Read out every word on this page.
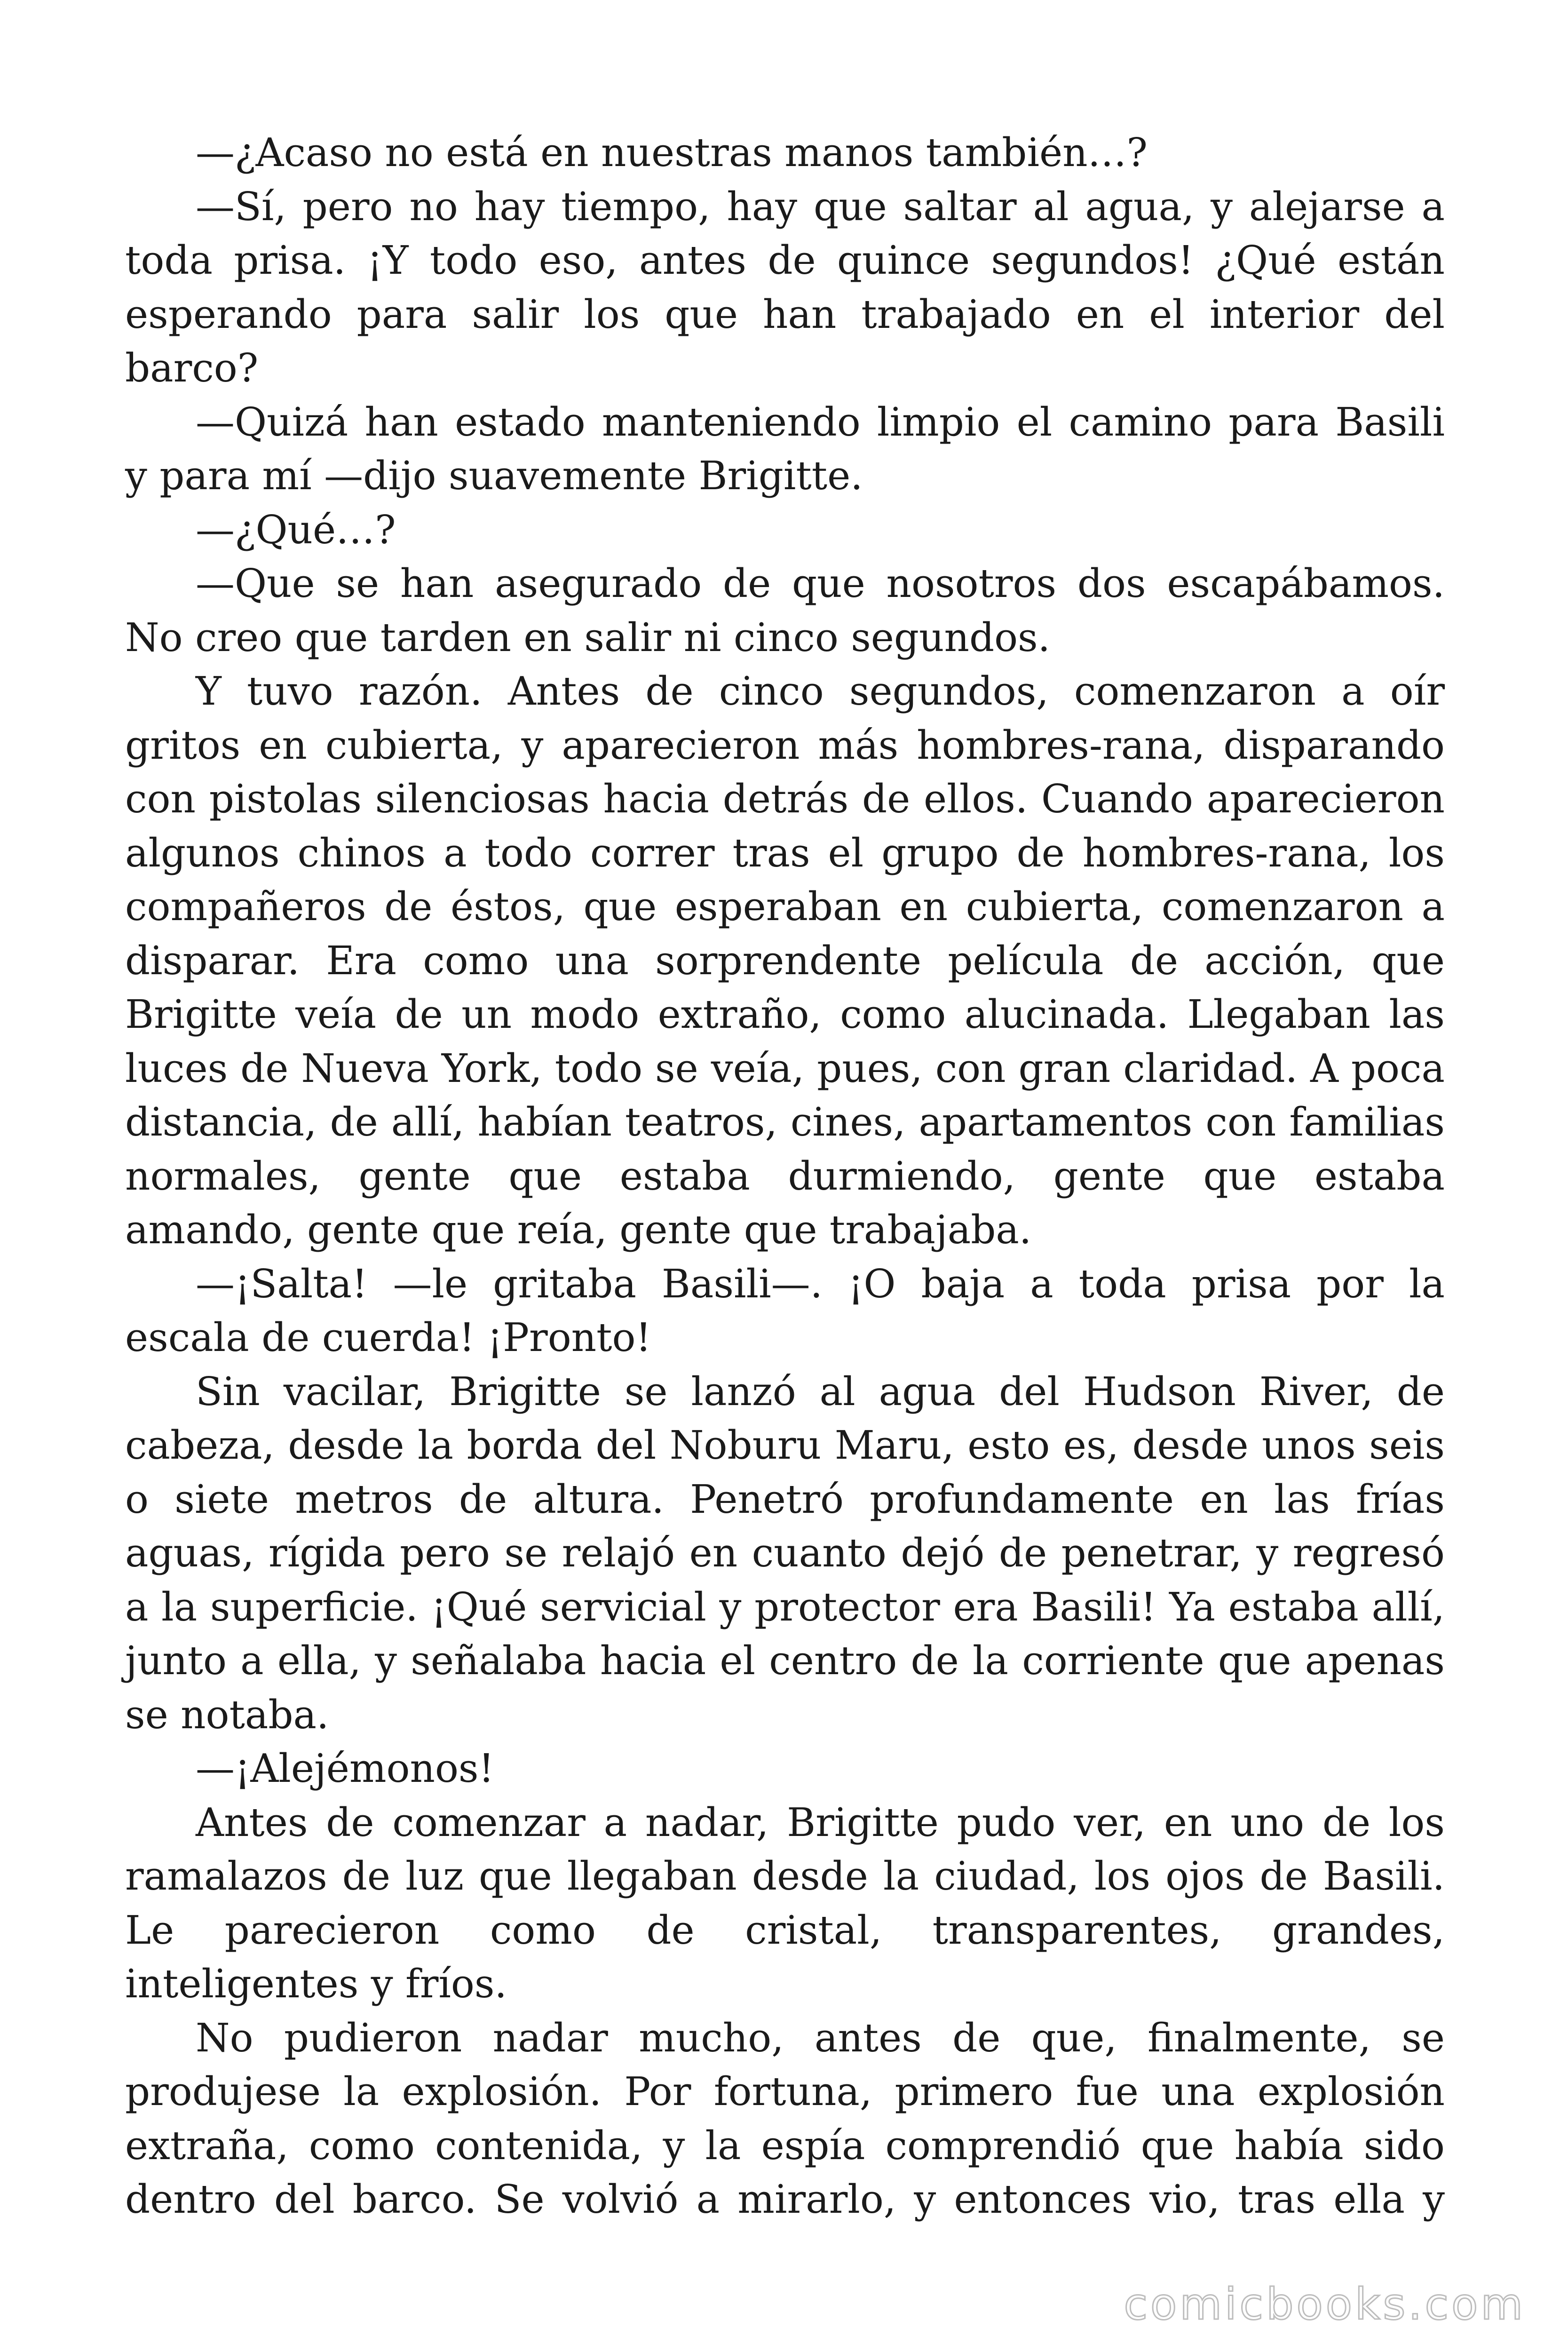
—¿Acaso no está en nuestras manos también…?

—Sí, pero no hay tiempo, hay que saltar al agua, y alejarse a toda prisa. ¡Y todo eso, antes de quince segundos! ¿Qué están esperando para salir los que han trabajado en el interior del barco?

—Quizá han estado manteniendo limpio el camino para Basili y para mí —dijo suavemente Brigitte.

—¿Qué…?

—Que se han asegurado de que nosotros dos escapábamos. No creo que tarden en salir ni cinco segundos.

Y tuvo razón. Antes de cinco segundos, comenzaron a oír gritos en cubierta, y aparecieron más hombres-rana, disparando con pistolas silenciosas hacia detrás de ellos. Cuando aparecieron algunos chinos a todo correr tras el grupo de hombres-rana, los compañeros de éstos, que esperaban en cubierta, comenzaron a disparar. Era como una sorprendente película de acción, que Brigitte veía de un modo extraño, como alucinada. Llegaban las luces de Nueva York, todo se veía, pues, con gran claridad. A poca distancia, de allí, habían teatros, cines, apartamentos con familias normales, gente que estaba durmiendo, gente que estaba amando, gente que reía, gente que trabajaba.

—¡Salta! —le gritaba Basili—. ¡O baja a toda prisa por la escala de cuerda! ¡Pronto!

Sin vacilar, Brigitte se lanzó al agua del Hudson River, de cabeza, desde la borda del Noburu Maru, esto es, desde unos seis o siete metros de altura. Penetró profundamente en las frías aguas, rígida pero se relajó en cuanto dejó de penetrar, y regresó a la superficie. ¡Qué servicial y protector era Basili! Ya estaba allí, junto a ella, y señalaba hacia el centro de la corriente que apenas se notaba.

—¡Alejémonos!

Antes de comenzar a nadar, Brigitte pudo ver, en uno de los ramalazos de luz que llegaban desde la ciudad, los ojos de Basili. Le parecieron como de cristal, transparentes, grandes, inteligentes y fríos.

No pudieron nadar mucho, antes de que, finalmente, se produjese la explosión. Por fortuna, primero fue una explosión extraña, como contenida, y la espía comprendió que había sido dentro del barco. Se volvió a mirarlo, y entonces vio, tras ella y

comicbooks.com
